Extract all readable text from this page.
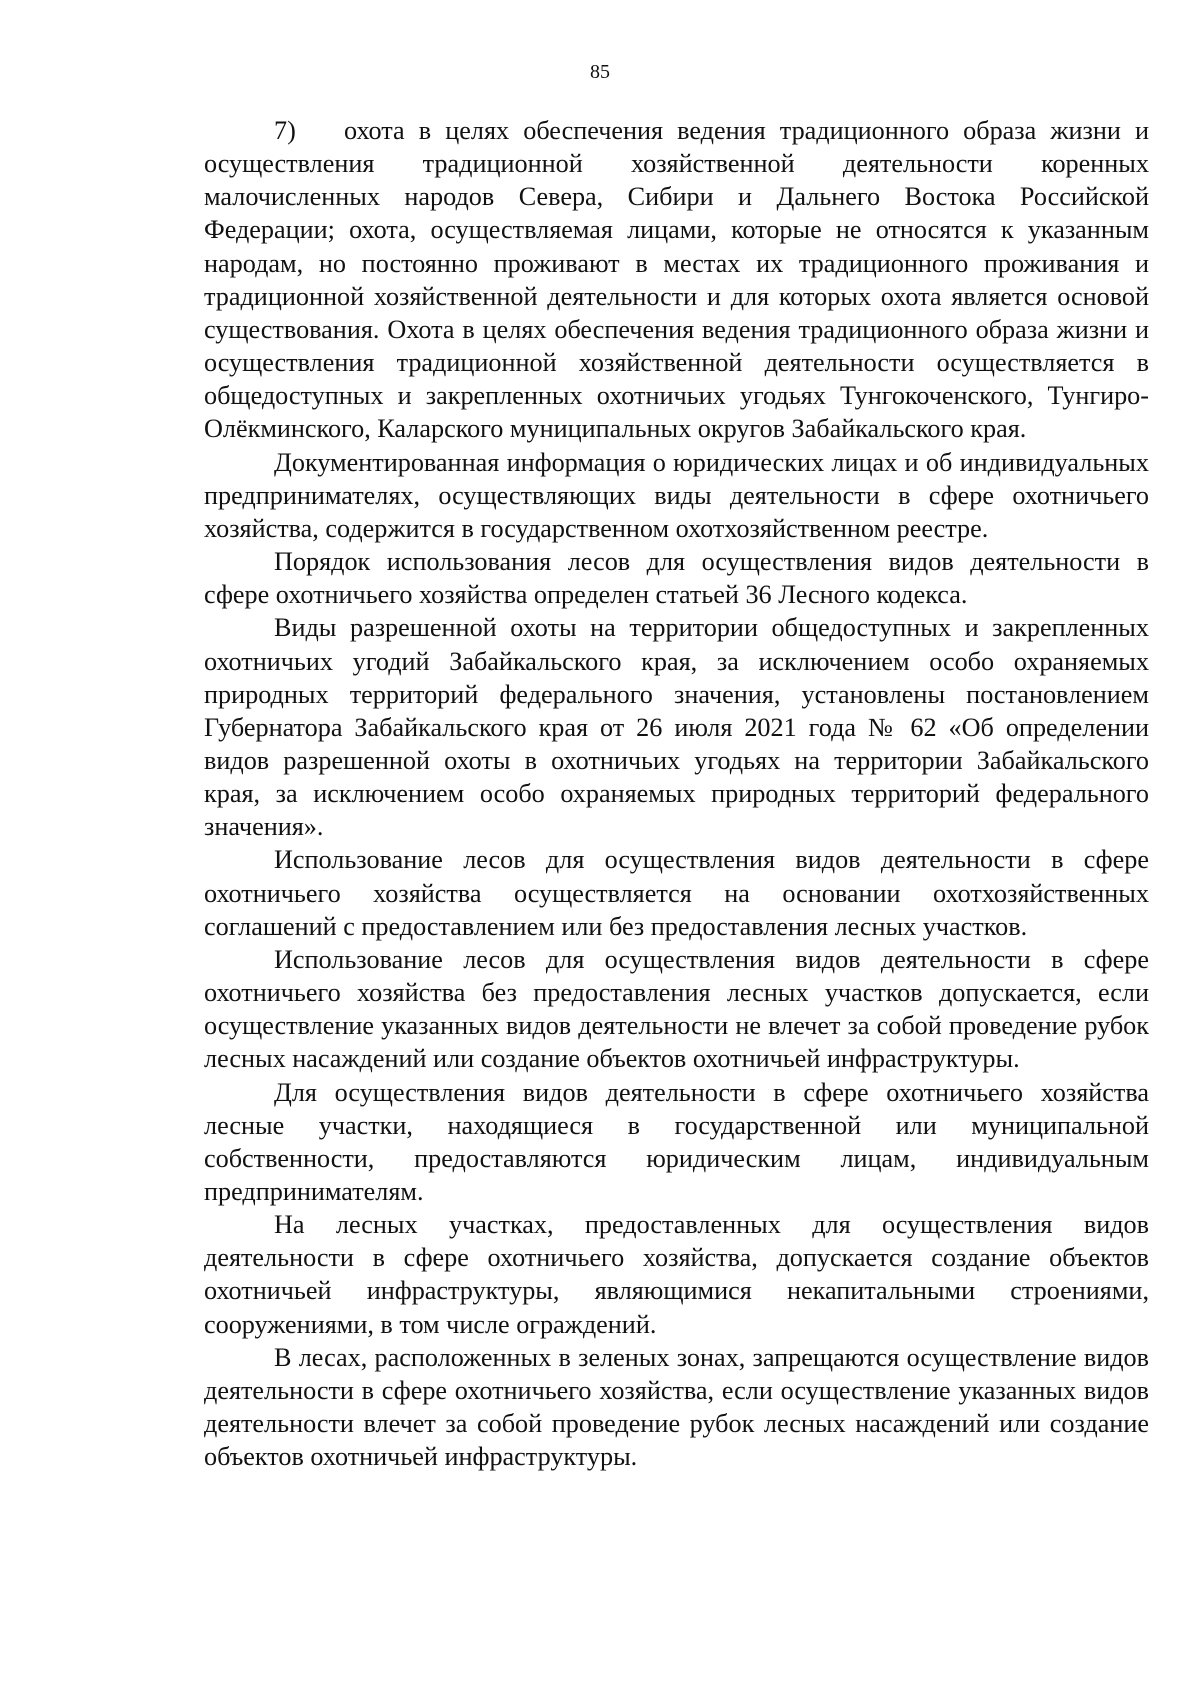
85

7) охота в целях обеспечения ведения традиционного образа жизни и осуществления традиционной хозяйственной деятельности коренных малочисленных народов Севера, Сибири и Дальнего Востока Российской Федерации; охота, осуществляемая лицами, которые не относятся к указанным народам, но постоянно проживают в местах их традиционного проживания и традиционной хозяйственной деятельности и для которых охота является основой существования. Охота в целях обеспечения ведения традиционного образа жизни и осуществления традиционной хозяйственной деятельности осуществляется в общедоступных и закрепленных охотничьих угодьях Тунгокоченского, Тунгиро-Олёкминского, Каларского муниципальных округов Забайкальского края.

Документированная информация о юридических лицах и об индивидуальных предпринимателях, осуществляющих виды деятельности в сфере охотничьего хозяйства, содержится в государственном охотхозяйственном реестре.

Порядок использования лесов для осуществления видов деятельности в сфере охотничьего хозяйства определен статьей 36 Лесного кодекса.

Виды разрешенной охоты на территории общедоступных и закрепленных охотничьих угодий Забайкальского края, за исключением особо охраняемых природных территорий федерального значения, установлены постановлением Губернатора Забайкальского края от 26 июля 2021 года № 62 «Об определении видов разрешенной охоты в охотничьих угодьях на территории Забайкальского края, за исключением особо охраняемых природных территорий федерального значения».

Использование лесов для осуществления видов деятельности в сфере охотничьего хозяйства осуществляется на основании охотхозяйственных соглашений с предоставлением или без предоставления лесных участков.

Использование лесов для осуществления видов деятельности в сфере охотничьего хозяйства без предоставления лесных участков допускается, если осуществление указанных видов деятельности не влечет за собой проведение рубок лесных насаждений или создание объектов охотничьей инфраструктуры.

Для осуществления видов деятельности в сфере охотничьего хозяйства лесные участки, находящиеся в государственной или муниципальной собственности, предоставляются юридическим лицам, индивидуальным предпринимателям.

На лесных участках, предоставленных для осуществления видов деятельности в сфере охотничьего хозяйства, допускается создание объектов охотничьей инфраструктуры, являющимися некапитальными строениями, сооружениями, в том числе ограждений.

В лесах, расположенных в зеленых зонах, запрещаются осуществление видов деятельности в сфере охотничьего хозяйства, если осуществление указанных видов деятельности влечет за собой проведение рубок лесных насаждений или создание объектов охотничьей инфраструктуры.
